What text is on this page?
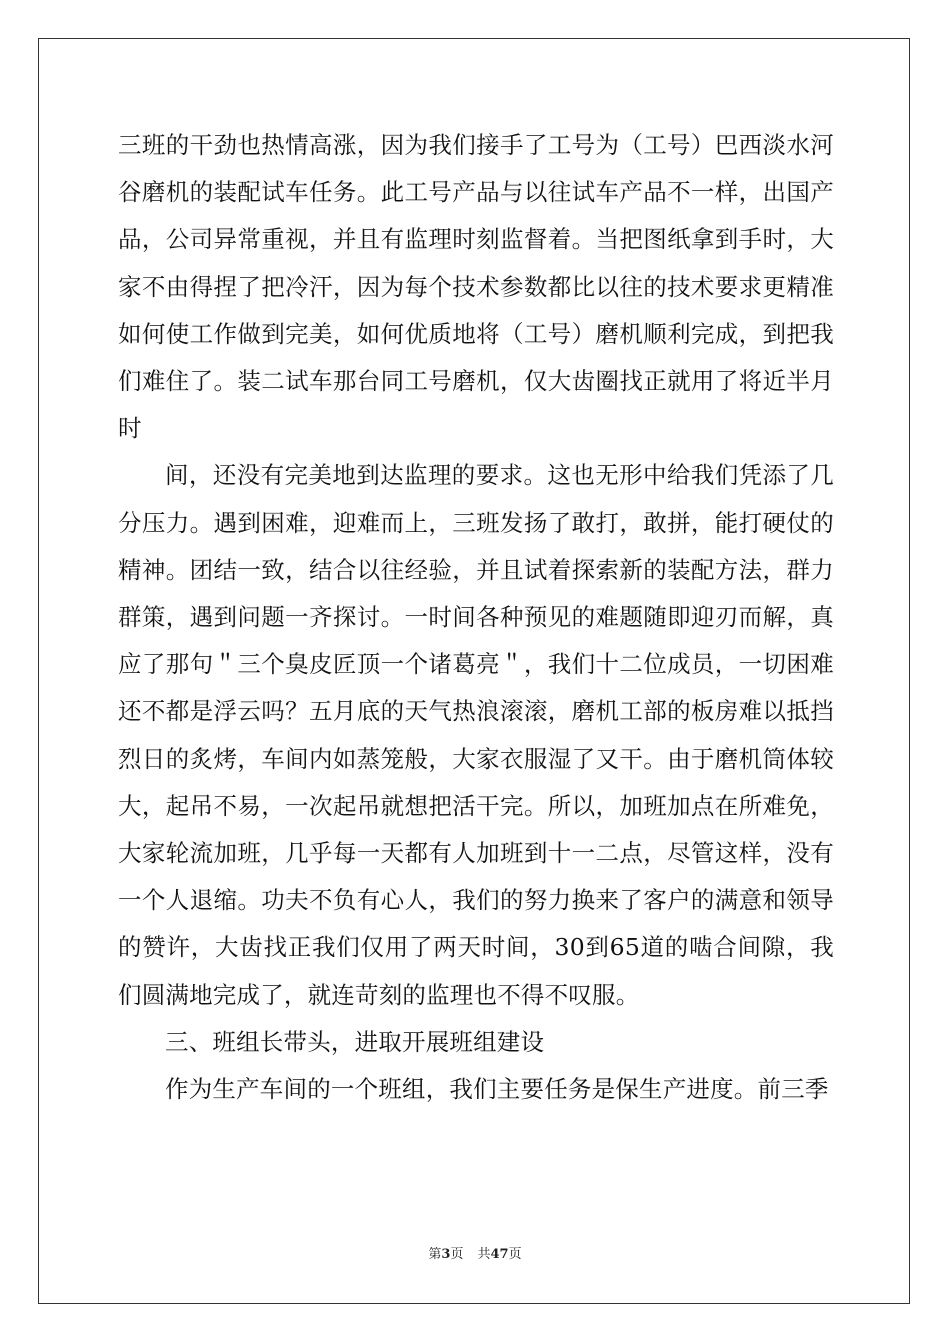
三班的干劲也热情高涨，因为我们接手了工号为（工号）巴西淡水河谷磨机的装配试车任务。此工号产品与以往试车产品不一样，出国产品，公司异常重视，并且有监理时刻监督着。当把图纸拿到手时，大家不由得捏了把冷汗，因为每个技术参数都比以往的技术要求更精准如何使工作做到完美，如何优质地将（工号）磨机顺利完成，到把我们难住了。装二试车那台同工号磨机，仅大齿圈找正就用了将近半月时

间，还没有完美地到达监理的要求。这也无形中给我们凭添了几分压力。遇到困难，迎难而上，三班发扬了敢打，敢拼，能打硬仗的精神。团结一致，结合以往经验，并且试着探索新的装配方法，群力群策，遇到问题一齐探讨。一时间各种预见的难题随即迎刃而解，真应了那句＂三个臭皮匠顶一个诸葛亮＂，我们十二位成员，一切困难还不都是浮云吗？五月底的天气热浪滚滚，磨机工部的板房难以抵挡烈日的炙烤，车间内如蒸笼般，大家衣服湿了又干。由于磨机筒体较大，起吊不易，一次起吊就想把活干完。所以，加班加点在所难免，大家轮流加班，几乎每一天都有人加班到十一二点，尽管这样，没有一个人退缩。功夫不负有心人，我们的努力换来了客户的满意和领导的赞许，大齿找正我们仅用了两天时间，30到65道的啮合间隙，我们圆满地完成了，就连苛刻的监理也不得不叹服。

三、班组长带头，进取开展班组建设

作为生产车间的一个班组，我们主要任务是保生产进度。前三季

第3页 共47页
